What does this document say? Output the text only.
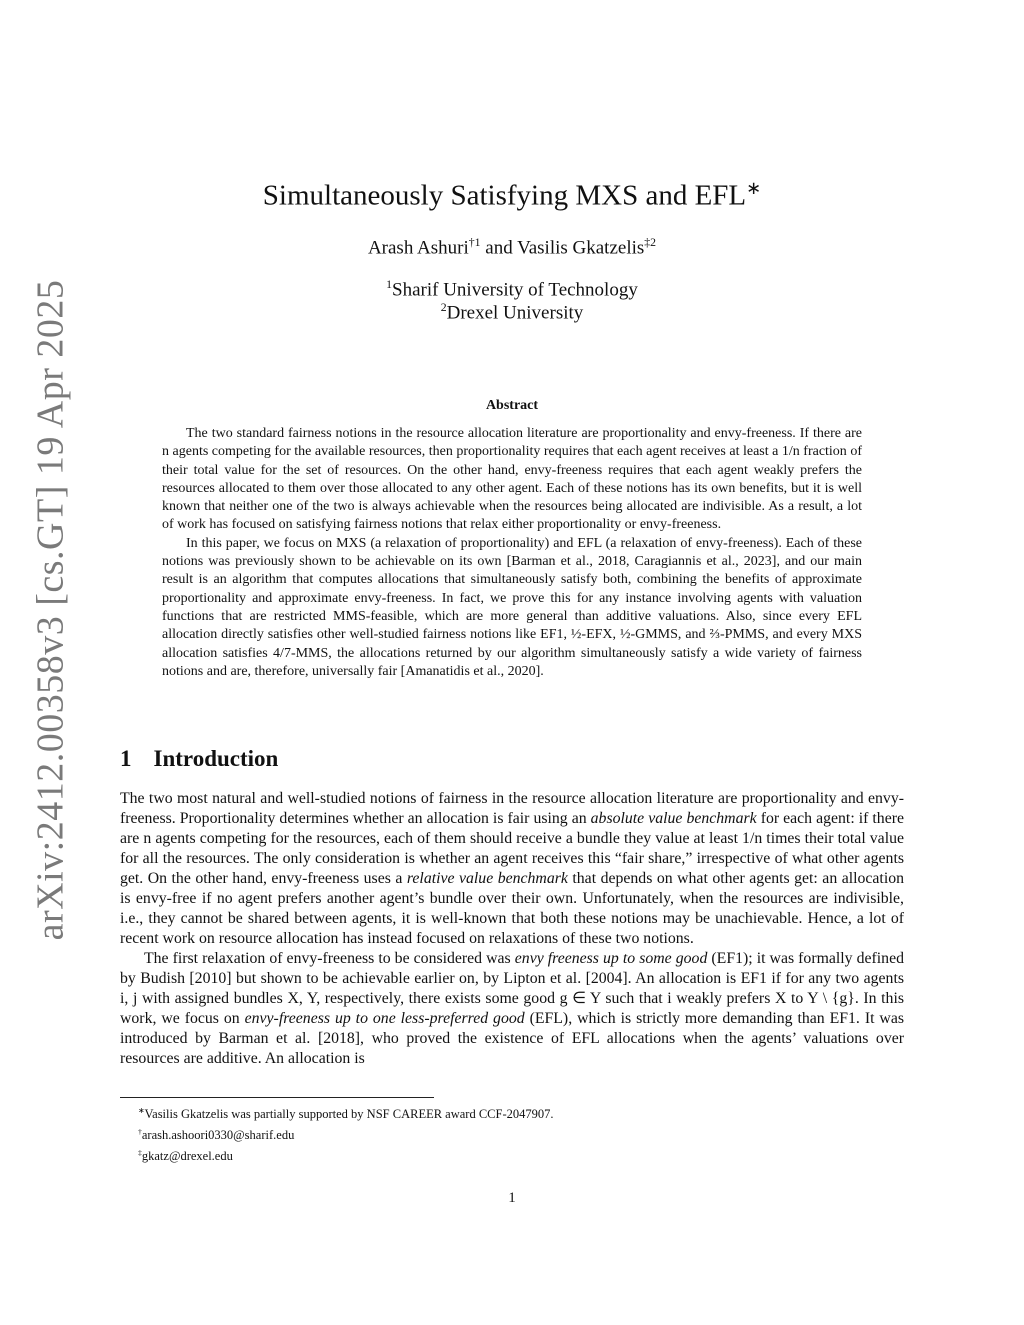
arXiv:2412.00358v3 [cs.GT] 19 Apr 2025
Simultaneously Satisfying MXS and EFL∗
Arash Ashuri$^{\dagger 1}$ and Vasilis Gkatzelis$^{\ddagger 2}$
$^1$Sharif University of Technology
$^2$Drexel University
Abstract

The two standard fairness notions in the resource allocation literature are proportionality and envy-freeness. If there are n agents competing for the available resources, then proportionality requires that each agent receives at least a 1/n fraction of their total value for the set of resources. On the other hand, envy-freeness requires that each agent weakly prefers the resources allocated to them over those allocated to any other agent. Each of these notions has its own benefits, but it is well known that neither one of the two is always achievable when the resources being allocated are indivisible. As a result, a lot of work has focused on satisfying fairness notions that relax either proportionality or envy-freeness.

In this paper, we focus on MXS (a relaxation of proportionality) and EFL (a relaxation of envy-freeness). Each of these notions was previously shown to be achievable on its own [Barman et al., 2018, Caragiannis et al., 2023], and our main result is an algorithm that computes allocations that simultaneously satisfy both, combining the benefits of approximate proportionality and approximate envy-freeness. In fact, we prove this for any instance involving agents with valuation functions that are restricted MMS-feasible, which are more general than additive valuations. Also, since every EFL allocation directly satisfies other well-studied fairness notions like EF1, ½-EFX, ½-GMMS, and ⅔-PMMS, and every MXS allocation satisfies 4/7-MMS, the allocations returned by our algorithm simultaneously satisfy a wide variety of fairness notions and are, therefore, universally fair [Amanatidis et al., 2020].

1 Introduction

The two most natural and well-studied notions of fairness in the resource allocation literature are proportionality and envy-freeness. Proportionality determines whether an allocation is fair using an absolute value benchmark for each agent: if there are n agents competing for the resources, each of them should receive a bundle they value at least 1/n times their total value for all the resources. The only consideration is whether an agent receives this “fair share,” irrespective of what other agents get. On the other hand, envy-freeness uses a relative value benchmark that depends on what other agents get: an allocation is envy-free if no agent prefers another agent’s bundle over their own. Unfortunately, when the resources are indivisible, i.e., they cannot be shared between agents, it is well-known that both these notions may be unachievable. Hence, a lot of recent work on resource allocation has instead focused on relaxations of these two notions.

The first relaxation of envy-freeness to be considered was envy freeness up to some good (EF1); it was formally defined by Budish [2010] but shown to be achievable earlier on, by Lipton et al. [2004]. An allocation is EF1 if for any two agents i, j with assigned bundles X, Y, respectively, there exists some good g ∈ Y such that i weakly prefers X to Y \ {g}. In this work, we focus on envy-freeness up to one less-preferred good (EFL), which is strictly more demanding than EF1. It was introduced by Barman et al. [2018], who proved the existence of EFL allocations when the agents’ valuations over resources are additive. An allocation is

∗Vasilis Gkatzelis was partially supported by NSF CAREER award CCF-2047907.
†arash.ashoori0330@sharif.edu
‡gkatz@drexel.edu
1
